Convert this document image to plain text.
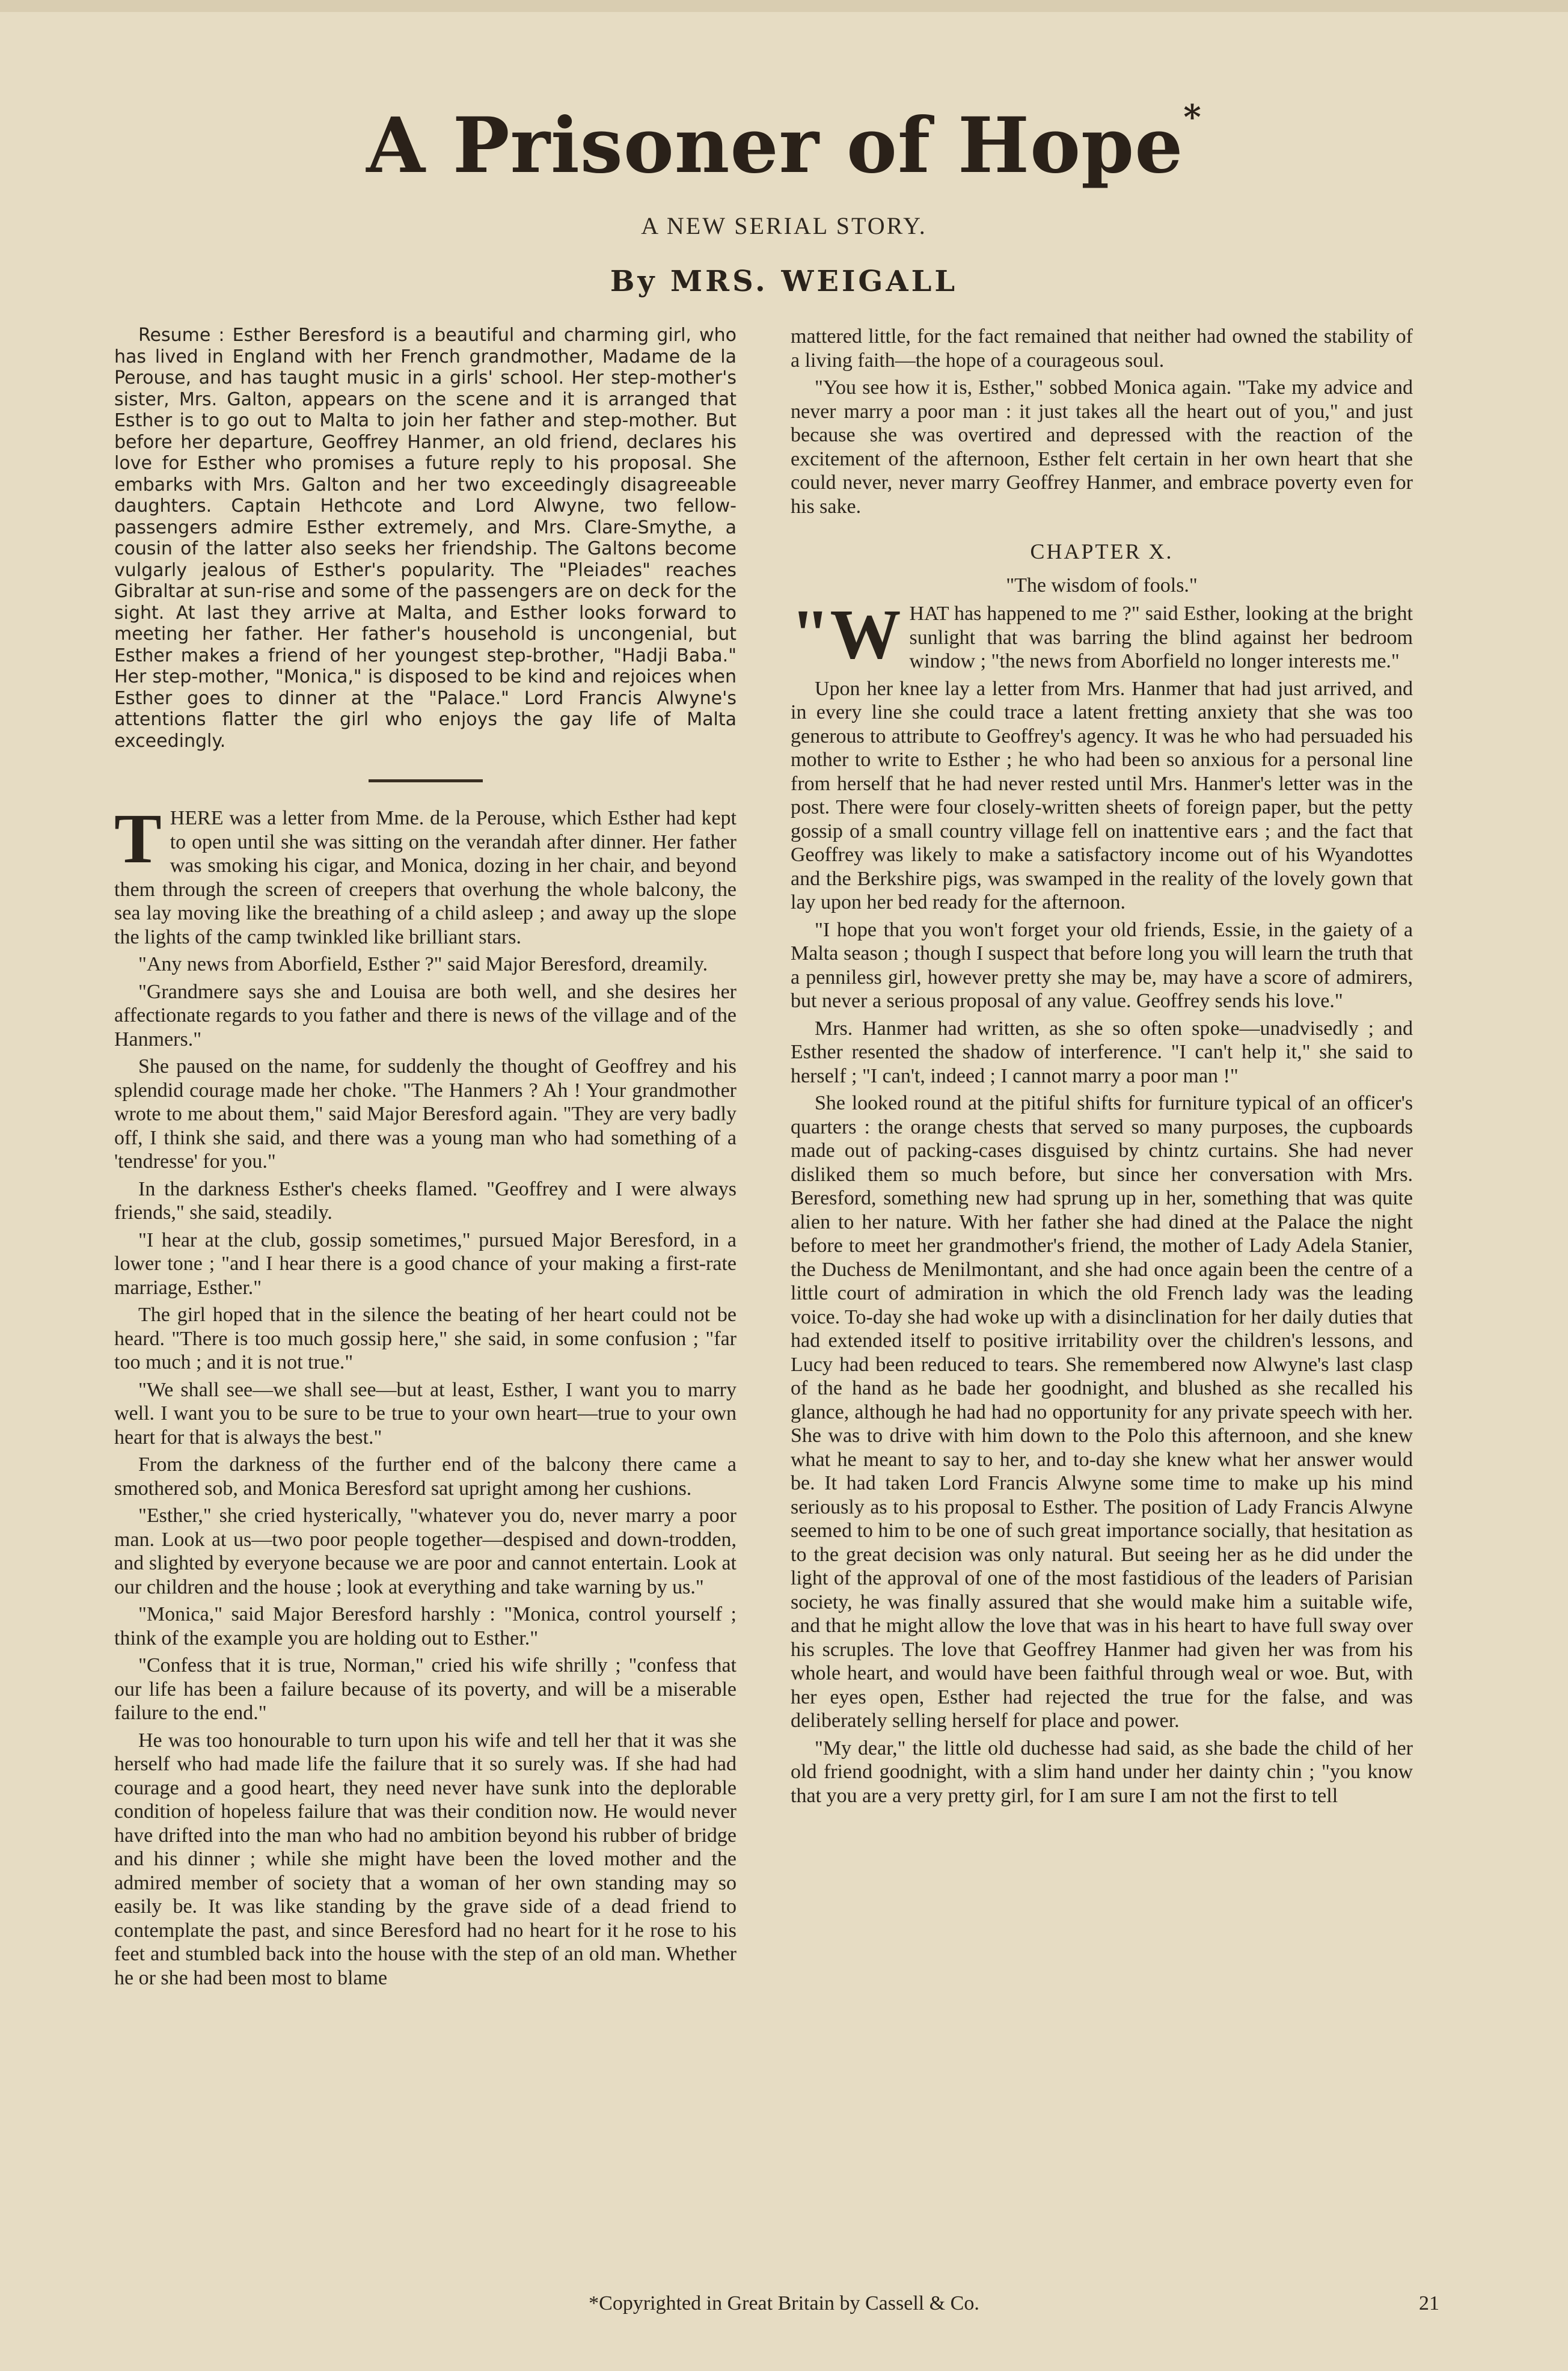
A Prisoner of Hope*
A NEW SERIAL STORY.
By MRS. WEIGALL

Resume : Esther Beresford is a beautiful and charming girl, who has lived in England with her French grandmother, Madame de la Perouse, and has taught music in a girls' school. Her step-mother's sister, Mrs. Galton, appears on the scene and it is arranged that Esther is to go out to Malta to join her father and step-mother. But before her departure, Geoffrey Hanmer, an old friend, declares his love for Esther who promises a future reply to his proposal. She embarks with Mrs. Galton and her two exceedingly disagreeable daughters. Captain Hethcote and Lord Alwyne, two fellow-passengers admire Esther extremely, and Mrs. Clare-Smythe, a cousin of the latter also seeks her friendship. The Galtons become vulgarly jealous of Esther's popularity. The "Pleiades" reaches Gibraltar at sun-rise and some of the passengers are on deck for the sight. At last they arrive at Malta, and Esther looks forward to meeting her father. Her father's household is uncongenial, but Esther makes a friend of her youngest step-brother, "Hadji Baba." Her step-mother, "Monica," is disposed to be kind and rejoices when Esther goes to dinner at the "Palace." Lord Francis Alwyne's attentions flatter the girl who enjoys the gay life of Malta exceedingly.

THERE was a letter from Mme. de la Perouse, which Esther had kept to open until she was sitting on the verandah after dinner. Her father was smoking his cigar, and Monica, dozing in her chair, and beyond them through the screen of creepers that overhung the whole balcony, the sea lay moving like the breathing of a child asleep ; and away up the slope the lights of the camp twinkled like brilliant stars.

"Any news from Aborfield, Esther ?" said Major Beresford, dreamily.

"Grandmere says she and Louisa are both well, and she desires her affectionate regards to you father and there is news of the village and of the Hanmers."

She paused on the name, for suddenly the thought of Geoffrey and his splendid courage made her choke. "The Hanmers ? Ah ! Your grandmother wrote to me about them," said Major Beresford again. "They are very badly off, I think she said, and there was a young man who had something of a 'tendresse' for you."

In the darkness Esther's cheeks flamed. "Geoffrey and I were always friends," she said, steadily.

"I hear at the club, gossip sometimes," pursued Major Beresford, in a lower tone ; "and I hear there is a good chance of your making a first-rate marriage, Esther."

The girl hoped that in the silence the beating of her heart could not be heard. "There is too much gossip here," she said, in some confusion ; "far too much ; and it is not true."

"We shall see—we shall see—but at least, Esther, I want you to marry well. I want you to be sure to be true to your own heart—true to your own heart for that is always the best."

From the darkness of the further end of the balcony there came a smothered sob, and Monica Beresford sat upright among her cushions.

"Esther," she cried hysterically, "whatever you do, never marry a poor man. Look at us—two poor people together—despised and down-trodden, and slighted by everyone because we are poor and cannot entertain. Look at our children and the house ; look at everything and take warning by us."

"Monica," said Major Beresford harshly : "Monica, control yourself ; think of the example you are holding out to Esther."

"Confess that it is true, Norman," cried his wife shrilly ; "confess that our life has been a failure because of its poverty, and will be a miserable failure to the end."

He was too honourable to turn upon his wife and tell her that it was she herself who had made life the failure that it so surely was. If she had had courage and a good heart, they need never have sunk into the deplorable condition of hopeless failure that was their condition now. He would never have drifted into the man who had no ambition beyond his rubber of bridge and his dinner ; while she might have been the loved mother and the admired member of society that a woman of her own standing may so easily be. It was like standing by the grave side of a dead friend to contemplate the past, and since Beresford had no heart for it he rose to his feet and stumbled back into the house with the step of an old man. Whether he or she had been most to blame

mattered little, for the fact remained that neither had owned the stability of a living faith—the hope of a courageous soul.

"You see how it is, Esther," sobbed Monica again. "Take my advice and never marry a poor man : it just takes all the heart out of you," and just because she was overtired and depressed with the reaction of the excitement of the afternoon, Esther felt certain in her own heart that she could never, never marry Geoffrey Hanmer, and embrace poverty even for his sake.

CHAPTER X.
"The wisdom of fools."

"WHAT has happened to me ?" said Esther, looking at the bright sunlight that was barring the blind against her bedroom window ; "the news from Aborfield no longer interests me."

Upon her knee lay a letter from Mrs. Hanmer that had just arrived, and in every line she could trace a latent fretting anxiety that she was too generous to attribute to Geoffrey's agency. It was he who had persuaded his mother to write to Esther ; he who had been so anxious for a personal line from herself that he had never rested until Mrs. Hanmer's letter was in the post. There were four closely-written sheets of foreign paper, but the petty gossip of a small country village fell on inattentive ears ; and the fact that Geoffrey was likely to make a satisfactory income out of his Wyandottes and the Berkshire pigs, was swamped in the reality of the lovely gown that lay upon her bed ready for the afternoon.

"I hope that you won't forget your old friends, Essie, in the gaiety of a Malta season ; though I suspect that before long you will learn the truth that a penniless girl, however pretty she may be, may have a score of admirers, but never a serious proposal of any value. Geoffrey sends his love."

Mrs. Hanmer had written, as she so often spoke—unadvisedly ; and Esther resented the shadow of interference. "I can't help it," she said to herself ; "I can't, indeed ; I cannot marry a poor man !"

She looked round at the pitiful shifts for furniture typical of an officer's quarters : the orange chests that served so many purposes, the cupboards made out of packing-cases disguised by chintz curtains. She had never disliked them so much before, but since her conversation with Mrs. Beresford, something new had sprung up in her, something that was quite alien to her nature. With her father she had dined at the Palace the night before to meet her grandmother's friend, the mother of Lady Adela Stanier, the Duchess de Menilmontant, and she had once again been the centre of a little court of admiration in which the old French lady was the leading voice. To-day she had woke up with a disinclination for her daily duties that had extended itself to positive irritability over the children's lessons, and Lucy had been reduced to tears. She remembered now Alwyne's last clasp of the hand as he bade her goodnight, and blushed as she recalled his glance, although he had had no opportunity for any private speech with her. She was to drive with him down to the Polo this afternoon, and she knew what he meant to say to her, and to-day she knew what her answer would be. It had taken Lord Francis Alwyne some time to make up his mind seriously as to his proposal to Esther. The position of Lady Francis Alwyne seemed to him to be one of such great importance socially, that hesitation as to the great decision was only natural. But seeing her as he did under the light of the approval of one of the most fastidious of the leaders of Parisian society, he was finally assured that she would make him a suitable wife, and that he might allow the love that was in his heart to have full sway over his scruples. The love that Geoffrey Hanmer had given her was from his whole heart, and would have been faithful through weal or woe. But, with her eyes open, Esther had rejected the true for the false, and was deliberately selling herself for place and power.

"My dear," the little old duchesse had said, as she bade the child of her old friend goodnight, with a slim hand under her dainty chin ; "you know that you are a very pretty girl, for I am sure I am not the first to tell

*Copyrighted in Great Britain by Cassell & Co.	21
